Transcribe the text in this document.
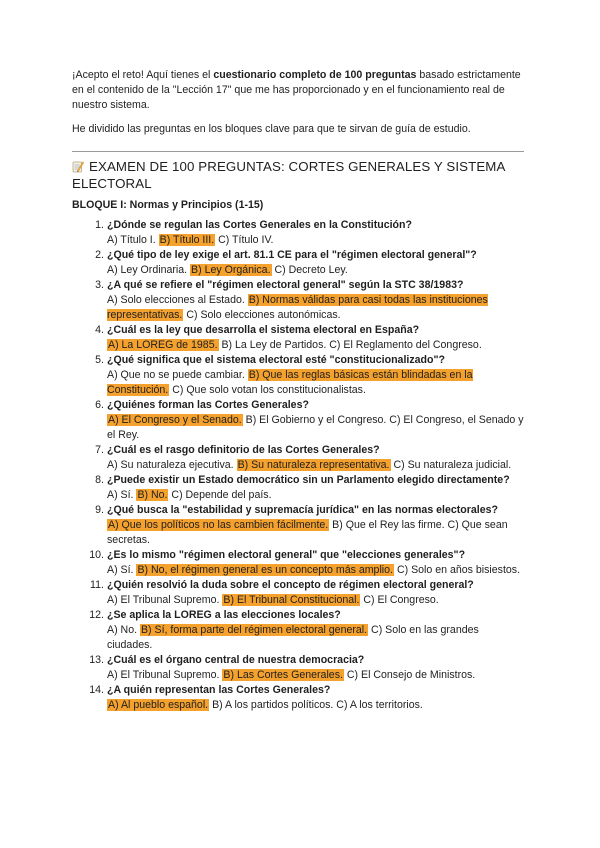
¡Acepto el reto! Aquí tienes el cuestionario completo de 100 preguntas basado estrictamente en el contenido de la "Lección 17" que me has proporcionado y en el funcionamiento real de nuestro sistema.

He dividido las preguntas en los bloques clave para que te sirvan de guía de estudio.

EXAMEN DE 100 PREGUNTAS: CORTES GENERALES Y SISTEMA ELECTORAL
BLOQUE I: Normas y Principios (1-15)
1. ¿Dónde se regulan las Cortes Generales en la Constitución?
A) Título I. B) Título III. C) Título IV.
2. ¿Qué tipo de ley exige el art. 81.1 CE para el "régimen electoral general"?
A) Ley Ordinaria. B) Ley Orgánica. C) Decreto Ley.
3. ¿A qué se refiere el "régimen electoral general" según la STC 38/1983?
A) Solo elecciones al Estado. B) Normas válidas para casi todas las instituciones representativas. C) Solo elecciones autonómicas.
4. ¿Cuál es la ley que desarrolla el sistema electoral en España?
A) La LOREG de 1985. B) La Ley de Partidos. C) El Reglamento del Congreso.
5. ¿Qué significa que el sistema electoral esté "constitucionalizado"?
A) Que no se puede cambiar. B) Que las reglas básicas están blindadas en la Constitución. C) Que solo votan los constitucionalistas.
6. ¿Quiénes forman las Cortes Generales?
A) El Congreso y el Senado. B) El Gobierno y el Congreso. C) El Congreso, el Senado y el Rey.
7. ¿Cuál es el rasgo definitorio de las Cortes Generales?
A) Su naturaleza ejecutiva. B) Su naturaleza representativa. C) Su naturaleza judicial.
8. ¿Puede existir un Estado democrático sin un Parlamento elegido directamente?
A) Sí. B) No. C) Depende del país.
9. ¿Qué busca la "estabilidad y supremacía jurídica" en las normas electorales?
A) Que los políticos no las cambien fácilmente. B) Que el Rey las firme. C) Que sean secretas.
10. ¿Es lo mismo "régimen electoral general" que "elecciones generales"?
A) Sí. B) No, el régimen general es un concepto más amplio. C) Solo en años bisiestos.
11. ¿Quién resolvió la duda sobre el concepto de régimen electoral general?
A) El Tribunal Supremo. B) El Tribunal Constitucional. C) El Congreso.
12. ¿Se aplica la LOREG a las elecciones locales?
A) No. B) Sí, forma parte del régimen electoral general. C) Solo en las grandes ciudades.
13. ¿Cuál es el órgano central de nuestra democracia?
A) El Tribunal Supremo. B) Las Cortes Generales. C) El Consejo de Ministros.
14. ¿A quién representan las Cortes Generales?
A) Al pueblo español. B) A los partidos políticos. C) A los territorios.
